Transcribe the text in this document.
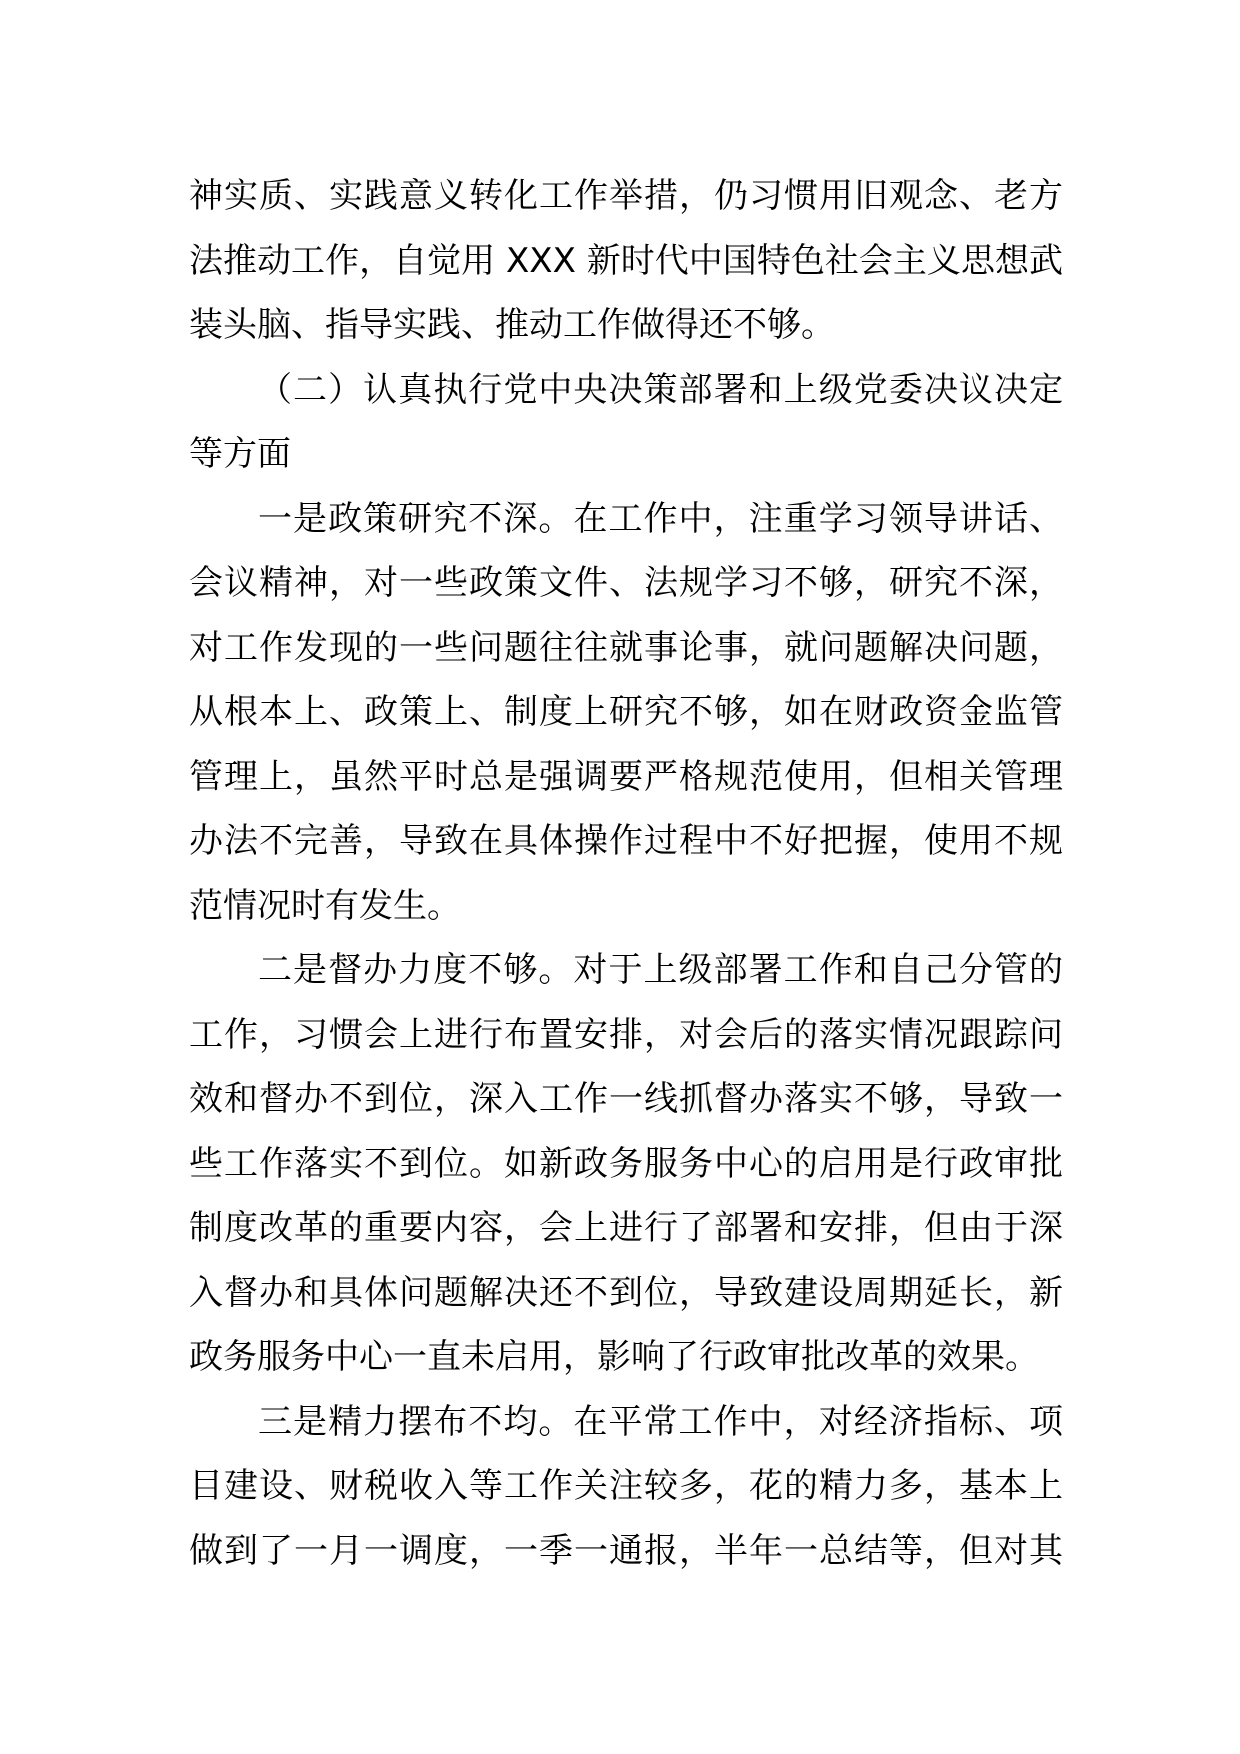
神实质、实践意义转化工作举措，仍习惯用旧观念、老方
法推动工作，自觉用 XXX 新时代中国特色社会主义思想武
装头脑、指导实践、推动工作做得还不够。
（二）认真执行党中央决策部署和上级党委决议决定
等方面
一是政策研究不深。在工作中，注重学习领导讲话、
会议精神，对一些政策文件、法规学习不够，研究不深，
对工作发现的一些问题往往就事论事，就问题解决问题，
从根本上、政策上、制度上研究不够，如在财政资金监管
管理上，虽然平时总是强调要严格规范使用，但相关管理
办法不完善，导致在具体操作过程中不好把握，使用不规
范情况时有发生。
二是督办力度不够。对于上级部署工作和自己分管的
工作，习惯会上进行布置安排，对会后的落实情况跟踪问
效和督办不到位，深入工作一线抓督办落实不够，导致一
些工作落实不到位。如新政务服务中心的启用是行政审批
制度改革的重要内容，会上进行了部署和安排，但由于深
入督办和具体问题解决还不到位，导致建设周期延长，新
政务服务中心一直未启用，影响了行政审批改革的效果。
三是精力摆布不均。在平常工作中，对经济指标、项
目建设、财税收入等工作关注较多，花的精力多，基本上
做到了一月一调度，一季一通报，半年一总结等，但对其
